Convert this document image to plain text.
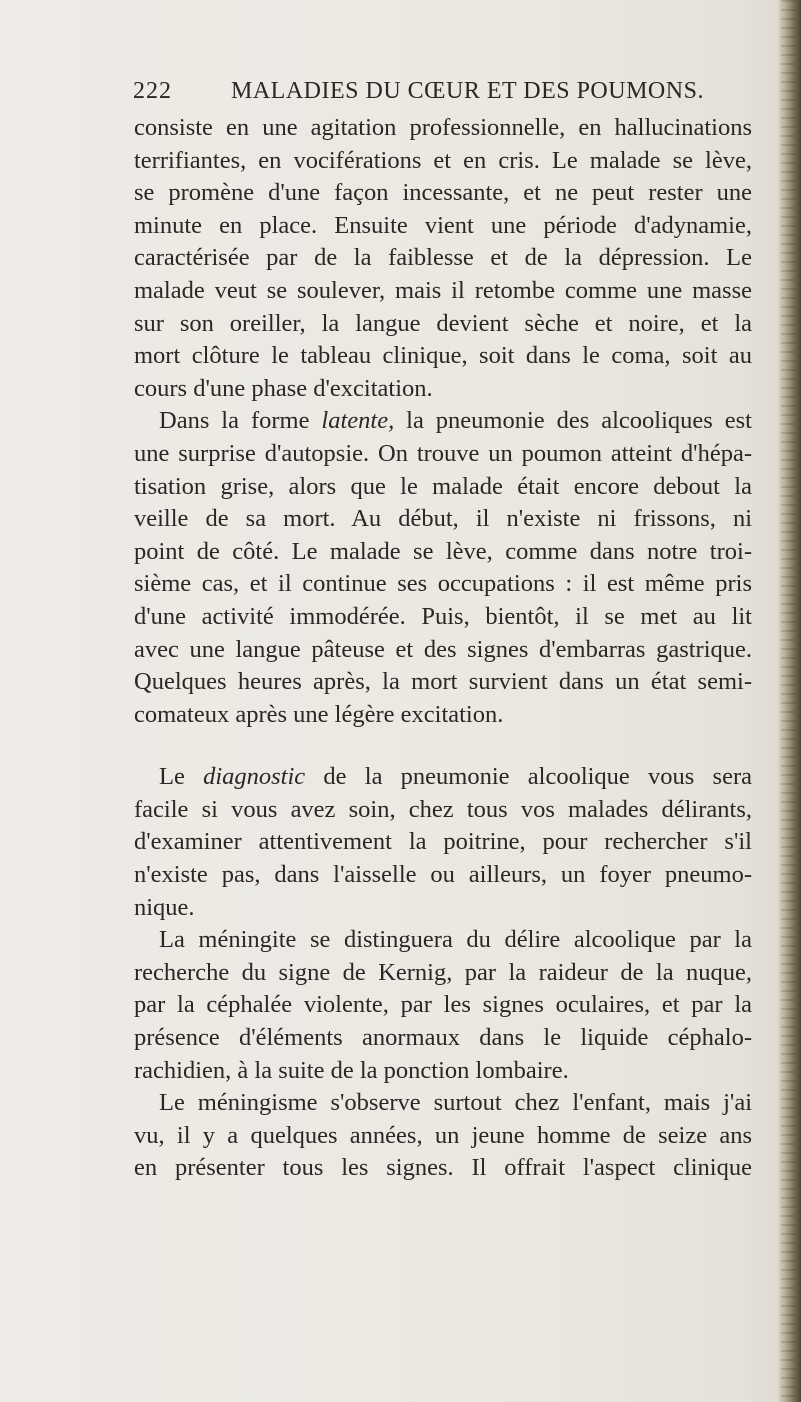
222 MALADIES DU CŒUR ET DES POUMONS.

consiste en une agitation professionnelle, en hallucinations
terrifiantes, en vociférations et en cris. Le malade se lève,
se promène d'une façon incessante, et ne peut rester une
minute en place. Ensuite vient une période d'adynamie,
caractérisée par de la faiblesse et de la dépression. Le
malade veut se soulever, mais il retombe comme une masse
sur son oreiller, la langue devient sèche et noire, et la
mort clôture le tableau clinique, soit dans le coma, soit au
cours d'une phase d'excitation.

Dans la forme latente, la pneumonie des alcooliques est
une surprise d'autopsie. On trouve un poumon atteint d'hépa-
tisation grise, alors que le malade était encore debout la
veille de sa mort. Au début, il n'existe ni frissons, ni
point de côté. Le malade se lève, comme dans notre troi-
sième cas, et il continue ses occupations : il est même pris
d'une activité immodérée. Puis, bientôt, il se met au lit
avec une langue pâteuse et des signes d'embarras gastrique.
Quelques heures après, la mort survient dans un état semi-
comateux après une légère excitation.

Le diagnostic de la pneumonie alcoolique vous sera
facile si vous avez soin, chez tous vos malades délirants,
d'examiner attentivement la poitrine, pour rechercher s'il
n'existe pas, dans l'aisselle ou ailleurs, un foyer pneumo-
nique.

La méningite se distinguera du délire alcoolique par la
recherche du signe de Kernig, par la raideur de la nuque,
par la céphalée violente, par les signes oculaires, et par la
présence d'éléments anormaux dans le liquide céphalo-
rachidien, à la suite de la ponction lombaire.

Le méningisme s'observe surtout chez l'enfant, mais j'ai
vu, il y a quelques années, un jeune homme de seize ans
en présenter tous les signes. Il offrait l'aspect clinique
